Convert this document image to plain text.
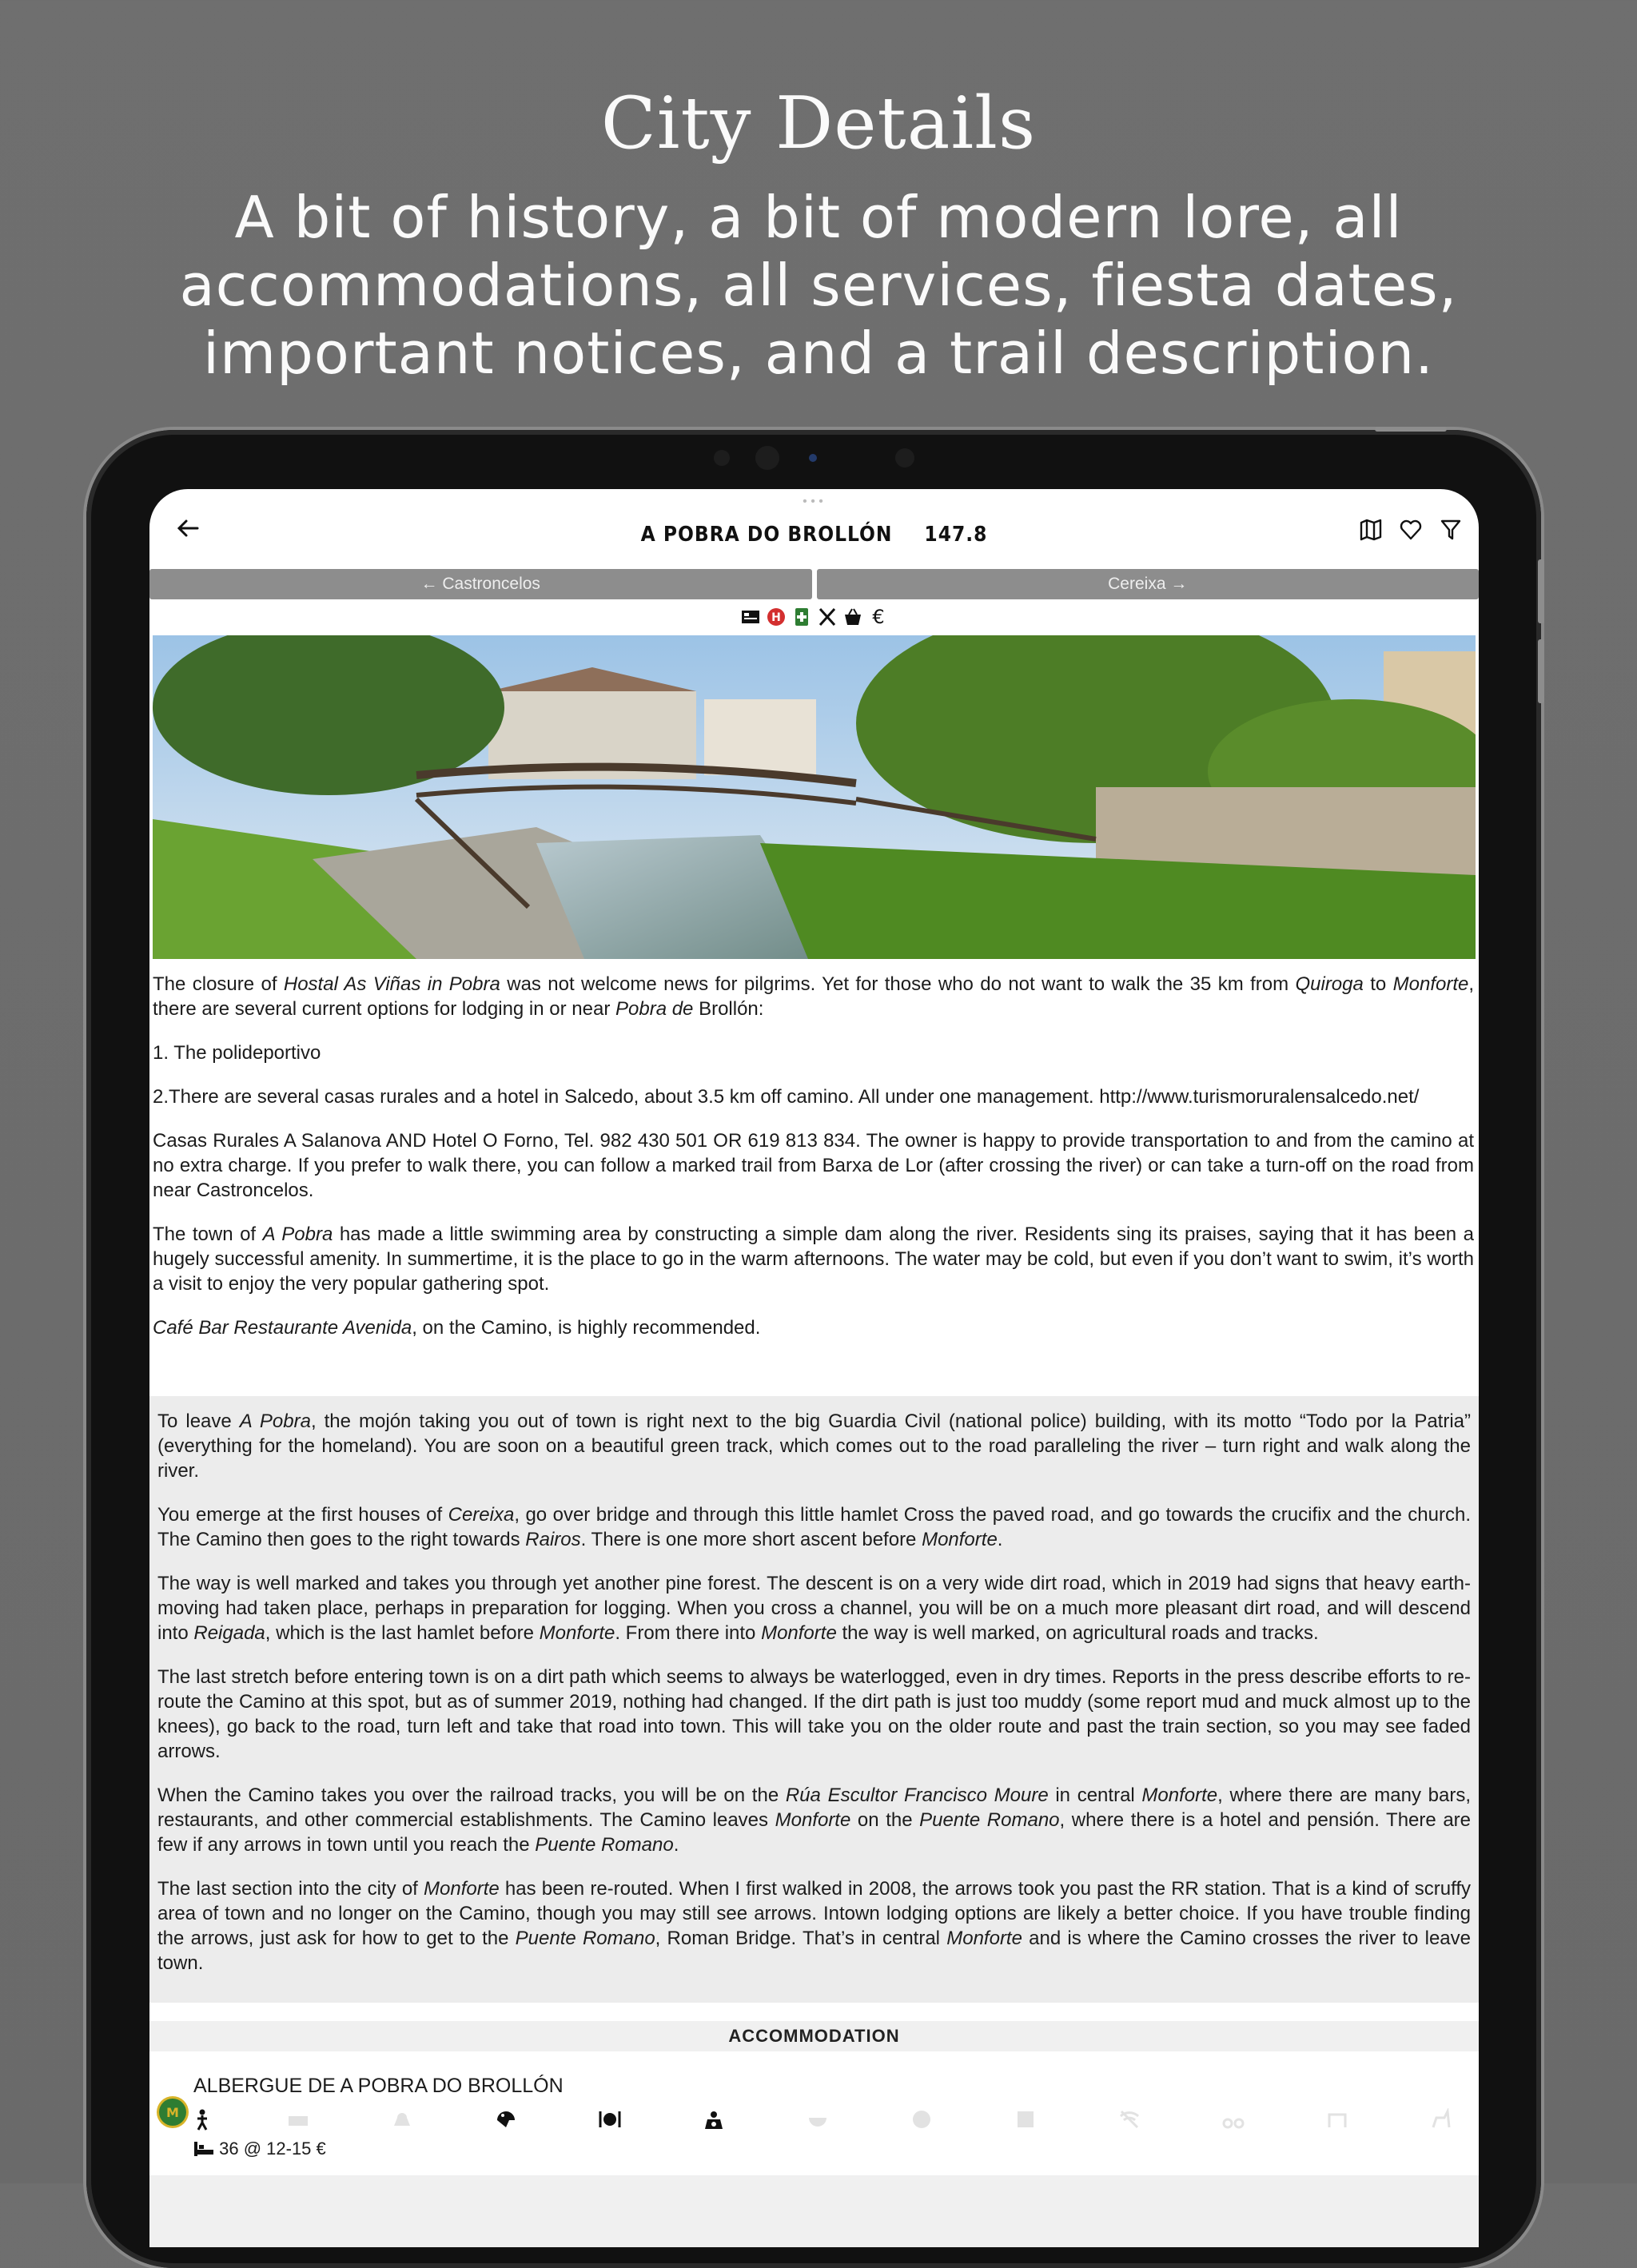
City Details
A bit of history, a bit of modern lore, all accommodations, all services, fiesta dates, important notices, and a trail description.
• • •
A POBRA DO BROLLÓN 147.8
← Castroncelos	Cereixa →
H	€

The closure of Hostal As Viñas in Pobra was not welcome news for pilgrims. Yet for those who do not want to walk the 35 km from Quiroga to Monforte, there are several current options for lodging in or near Pobra de Brollón:

1. The polideportivo

2.There are several casas rurales and a hotel in Salcedo, about 3.5 km off camino. All under one management. http://www.turismoruralensalcedo.net/

Casas Rurales A Salanova AND Hotel O Forno, Tel. 982 430 501 OR 619 813 834. The owner is happy to provide transportation to and from the camino at no extra charge. If you prefer to walk there, you can follow a marked trail from Barxa de Lor (after crossing the river) or can take a turn-off on the road from near Castroncelos.

The town of A Pobra has made a little swimming area by constructing a simple dam along the river. Residents sing its praises, saying that it has been a hugely successful amenity. In summertime, it is the place to go in the warm afternoons. The water may be cold, but even if you don’t want to swim, it’s worth a visit to enjoy the very popular gathering spot.

Café Bar Restaurante Avenida, on the Camino, is highly recommended.

To leave A Pobra, the mojón taking you out of town is right next to the big Guardia Civil (national police) building, with its motto “Todo por la Patria” (everything for the homeland). You are soon on a beautiful green track, which comes out to the road paralleling the river – turn right and walk along the river.

You emerge at the first houses of Cereixa, go over bridge and through this little hamlet Cross the paved road, and go towards the crucifix and the church. The Camino then goes to the right towards Rairos. There is one more short ascent before Monforte.

The way is well marked and takes you through yet another pine forest. The descent is on a very wide dirt road, which in 2019 had signs that heavy earth-moving had taken place, perhaps in preparation for logging. When you cross a channel, you will be on a much more pleasant dirt road, and will descend into Reigada, which is the last hamlet before Monforte. From there into Monforte the way is well marked, on agricultural roads and tracks.

The last stretch before entering town is on a dirt path which seems to always be waterlogged, even in dry times. Reports in the press describe efforts to re-route the Camino at this spot, but as of summer 2019, nothing had changed. If the dirt path is just too muddy (some report mud and muck almost up to the knees), go back to the road, turn left and take that road into town. This will take you on the older route and past the train section, so you may see faded arrows.

When the Camino takes you over the railroad tracks, you will be on the Rúa Escultor Francisco Moure in central Monforte, where there are many bars, restaurants, and other commercial establishments. The Camino leaves Monforte on the Puente Romano, where there is a hotel and pensión. There are few if any arrows in town until you reach the Puente Romano.

The last section into the city of Monforte has been re-routed. When I first walked in 2008, the arrows took you past the RR station. That is a kind of scruffy area of town and no longer on the Camino, though you may still see arrows. Intown lodging options are likely a better choice. If you have trouble finding the arrows, just ask for how to get to the Puente Romano, Roman Bridge. That’s in central Monforte and is where the Camino crosses the river to leave town.

ACCOMMODATION
M
ALBERGUE DE A POBRA DO BROLLÓN
36 @ 12-15 €
